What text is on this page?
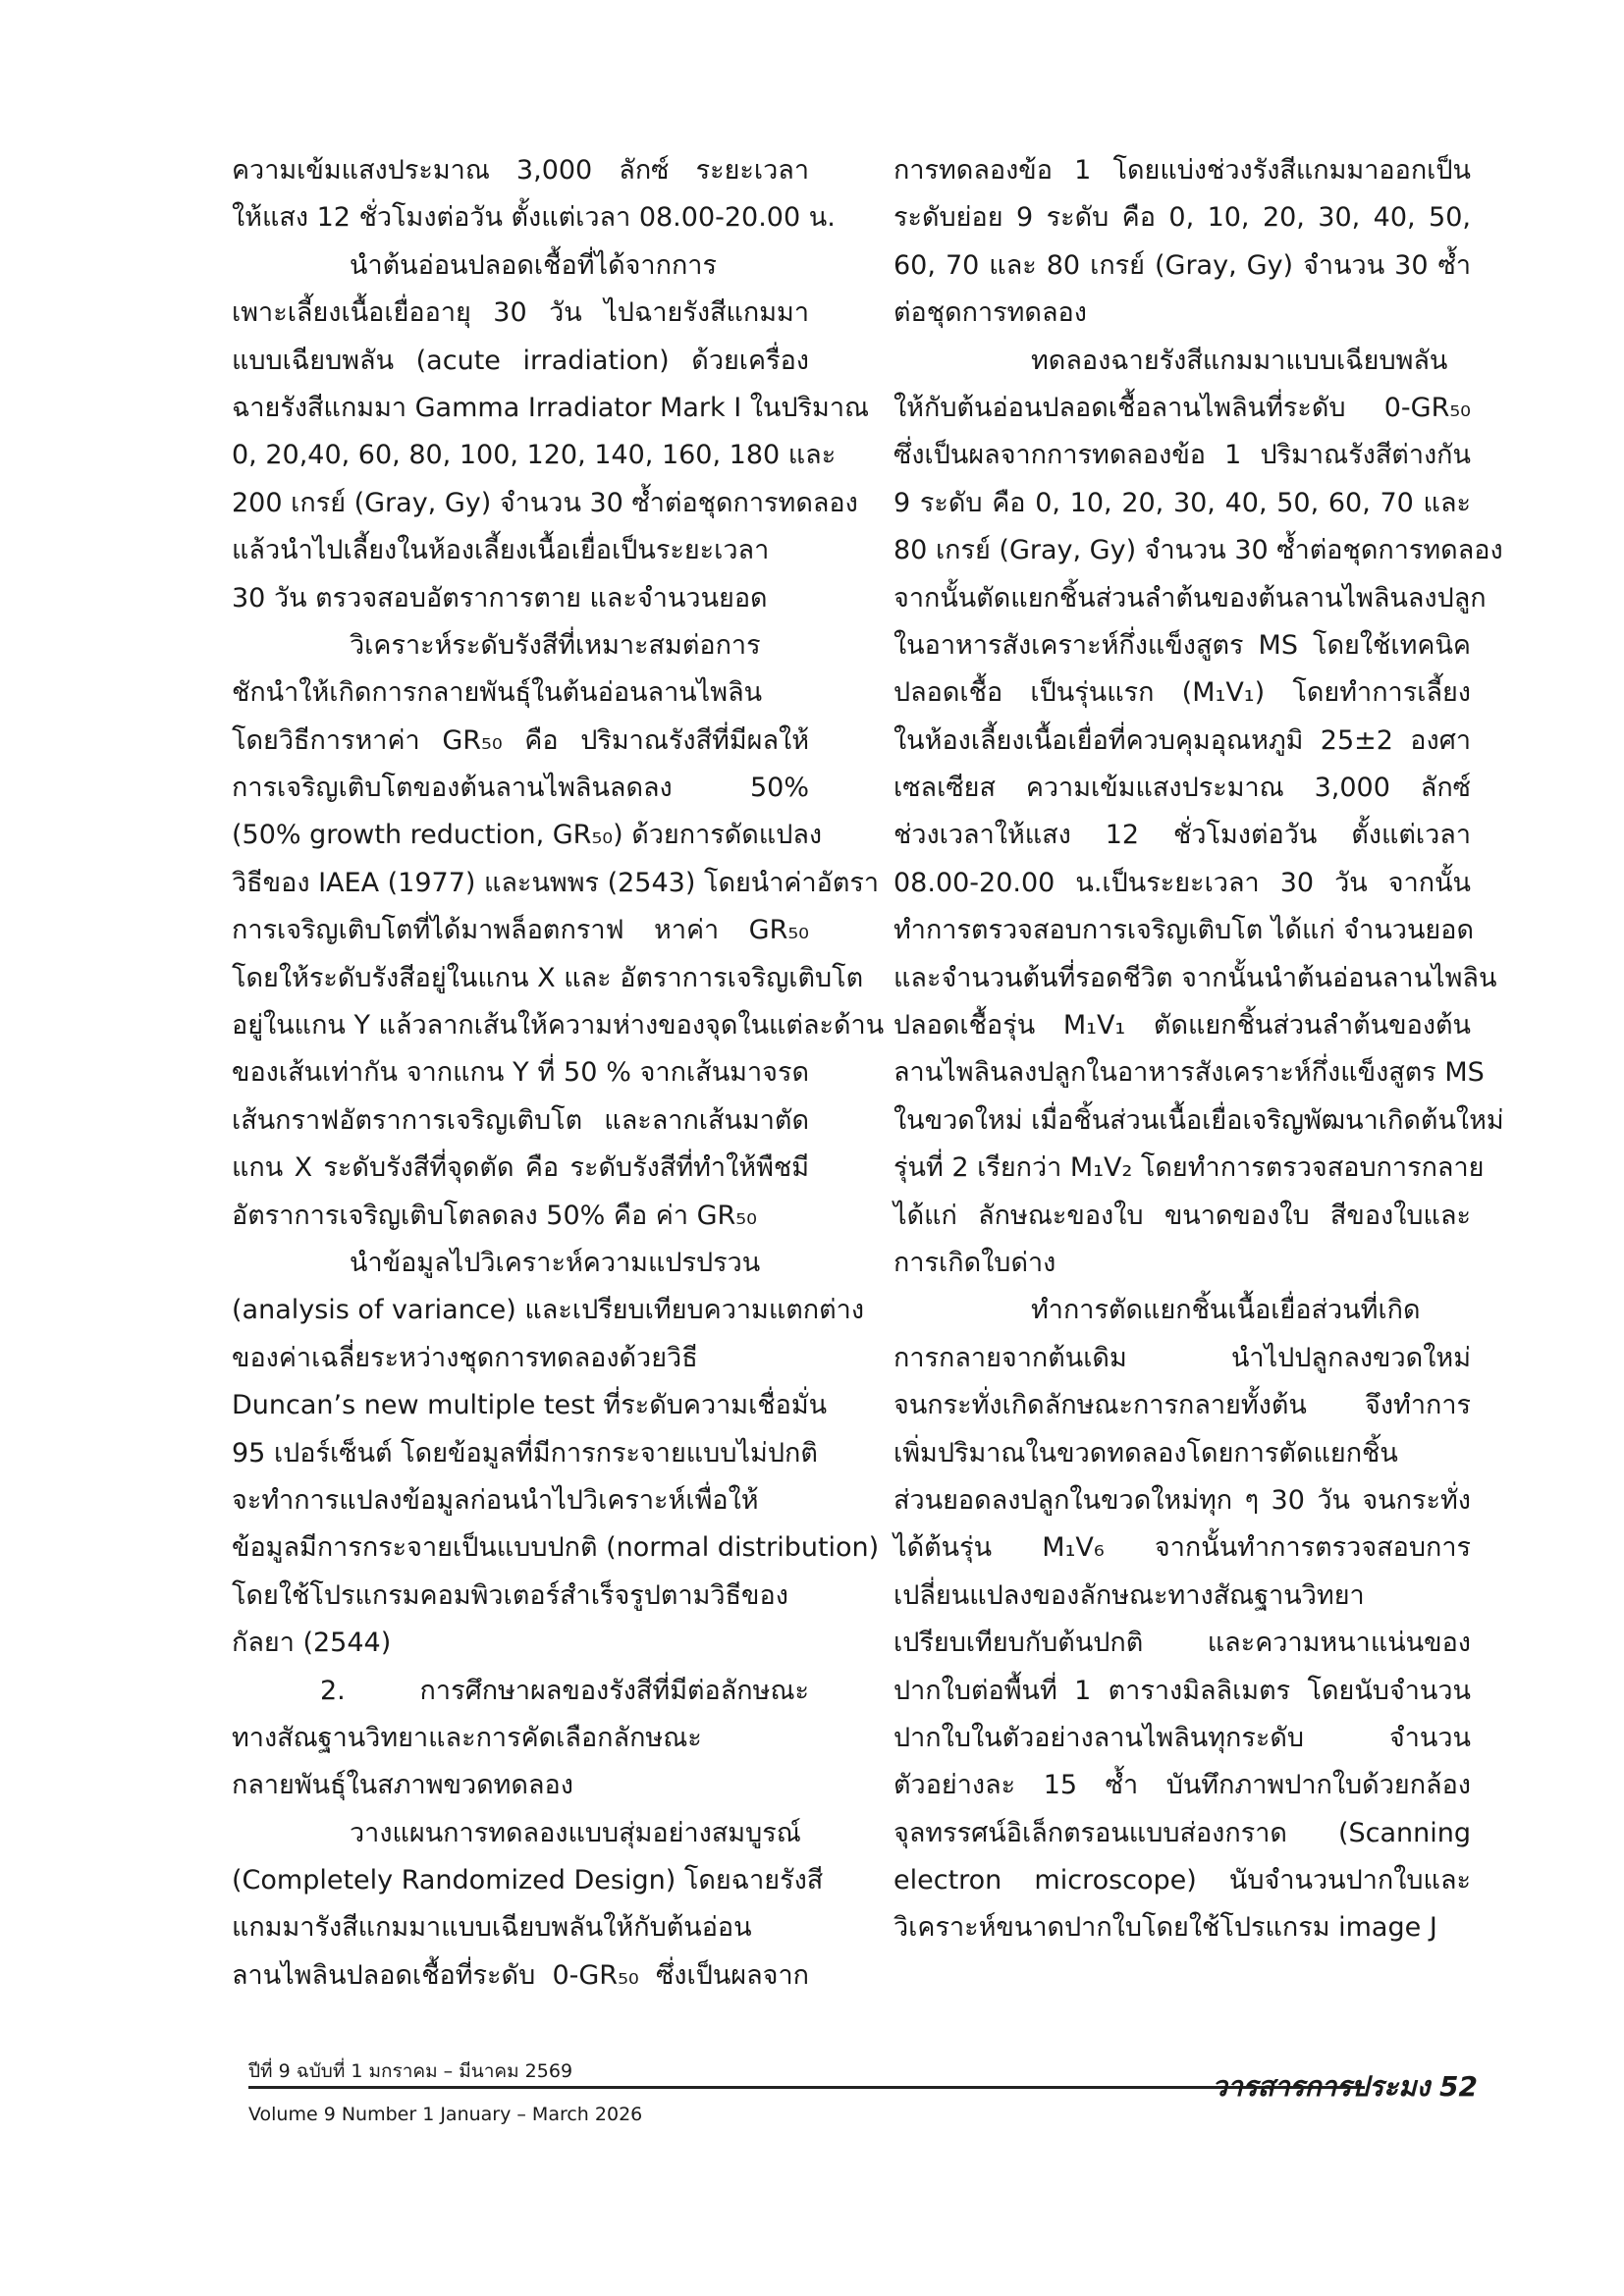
ความเข้มแสงประมาณ 3,000 ลักซ์ ระยะเวลา
ให้แสง 12 ชั่วโมงต่อวัน ตั้งแต่เวลา 08.00-20.00 น.
นำต้นอ่อนปลอดเชื้อที่ได้จากการ
เพาะเลี้ยงเนื้อเยื่ออายุ 30 วัน ไปฉายรังสีแกมมา
แบบเฉียบพลัน (acute irradiation) ด้วยเครื่อง
ฉายรังสีแกมมา Gamma Irradiator Mark I ในปริมาณ
0, 20,40, 60, 80, 100, 120, 140, 160, 180 และ
200 เกรย์ (Gray, Gy) จำนวน 30 ซ้ำต่อชุดการทดลอง
แล้วนำไปเลี้ยงในห้องเลี้ยงเนื้อเยื่อเป็นระยะเวลา
30 วัน ตรวจสอบอัตราการตาย และจำนวนยอด
วิเคราะห์ระดับรังสีที่เหมาะสมต่อการ
ชักนำให้เกิดการกลายพันธุ์ในต้นอ่อนลานไพลิน
โดยวิธีการหาค่า GR₅₀ คือ ปริมาณรังสีที่มีผลให้
การเจริญเติบโตของต้นลานไพลินลดลง 50%
(50% growth reduction, GR₅₀) ด้วยการดัดแปลง
วิธีของ IAEA (1977) และนพพร (2543) โดยนำค่าอัตรา
การเจริญเติบโตที่ได้มาพล็อตกราฟ หาค่า GR₅₀
โดยให้ระดับรังสีอยู่ในแกน X และ อัตราการเจริญเติบโต
อยู่ในแกน Y แล้วลากเส้นให้ความห่างของจุดในแต่ละด้าน
ของเส้นเท่ากัน จากแกน Y ที่ 50 % จากเส้นมาจรด
เส้นกราฟอัตราการเจริญเติบโต และลากเส้นมาตัด
แกน X ระดับรังสีที่จุดตัด คือ ระดับรังสีที่ทำให้พืชมี
อัตราการเจริญเติบโตลดลง 50% คือ ค่า GR₅₀
นำข้อมูลไปวิเคราะห์ความแปรปรวน
(analysis of variance) และเปรียบเทียบความแตกต่าง
ของค่าเฉลี่ยระหว่างชุดการทดลองด้วยวิธี
Duncan’s new multiple test ที่ระดับความเชื่อมั่น
95 เปอร์เซ็นต์ โดยข้อมูลที่มีการกระจายแบบไม่ปกติ
จะทำการแปลงข้อมูลก่อนนำไปวิเคราะห์เพื่อให้
ข้อมูลมีการกระจายเป็นแบบปกติ (normal distribution)
โดยใช้โปรแกรมคอมพิวเตอร์สำเร็จรูปตามวิธีของ
กัลยา (2544)
2. การศึกษาผลของรังสีที่มีต่อลักษณะ
ทางสัณฐานวิทยาและการคัดเลือกลักษณะ
กลายพันธุ์ในสภาพขวดทดลอง
วางแผนการทดลองแบบสุ่มอย่างสมบูรณ์
(Completely Randomized Design) โดยฉายรังสี
แกมมารังสีแกมมาแบบเฉียบพลันให้กับต้นอ่อน
ลานไพลินปลอดเชื้อที่ระดับ 0-GR₅₀ ซึ่งเป็นผลจาก
การทดลองข้อ 1 โดยแบ่งช่วงรังสีแกมมาออกเป็น
ระดับย่อย 9 ระดับ คือ 0, 10, 20, 30, 40, 50,
60, 70 และ 80 เกรย์ (Gray, Gy) จำนวน 30 ซ้ำ
ต่อชุดการทดลอง
ทดลองฉายรังสีแกมมาแบบเฉียบพลัน
ให้กับต้นอ่อนปลอดเชื้อลานไพลินที่ระดับ 0-GR₅₀
ซึ่งเป็นผลจากการทดลองข้อ 1 ปริมาณรังสีต่างกัน
9 ระดับ คือ 0, 10, 20, 30, 40, 50, 60, 70 และ
80 เกรย์ (Gray, Gy) จำนวน 30 ซ้ำต่อชุดการทดลอง
จากนั้นตัดแยกชิ้นส่วนลำต้นของต้นลานไพลินลงปลูก
ในอาหารสังเคราะห์กึ่งแข็งสูตร MS โดยใช้เทคนิค
ปลอดเชื้อ เป็นรุ่นแรก (M₁V₁) โดยทำการเลี้ยง
ในห้องเลี้ยงเนื้อเยื่อที่ควบคุมอุณหภูมิ 25±2 องศา
เซลเซียส ความเข้มแสงประมาณ 3,000 ลักซ์
ช่วงเวลาให้แสง 12 ชั่วโมงต่อวัน ตั้งแต่เวลา
08.00-20.00 น.เป็นระยะเวลา 30 วัน จากนั้น
ทำการตรวจสอบการเจริญเติบโต ได้แก่ จำนวนยอด
และจำนวนต้นที่รอดชีวิต จากนั้นนำต้นอ่อนลานไพลิน
ปลอดเชื้อรุ่น M₁V₁ ตัดแยกชิ้นส่วนลำต้นของต้น
ลานไพลินลงปลูกในอาหารสังเคราะห์กึ่งแข็งสูตร MS
ในขวดใหม่ เมื่อชิ้นส่วนเนื้อเยื่อเจริญพัฒนาเกิดต้นใหม่
รุ่นที่ 2 เรียกว่า M₁V₂ โดยทำการตรวจสอบการกลาย
ได้แก่ ลักษณะของใบ ขนาดของใบ สีของใบและ
การเกิดใบด่าง
ทำการตัดแยกชิ้นเนื้อเยื่อส่วนที่เกิด
การกลายจากต้นเดิม นำไปปลูกลงขวดใหม่
จนกระทั่งเกิดลักษณะการกลายทั้งต้น จึงทำการ
เพิ่มปริมาณในขวดทดลองโดยการตัดแยกชิ้น
ส่วนยอดลงปลูกในขวดใหม่ทุก ๆ 30 วัน จนกระทั่ง
ได้ต้นรุ่น M₁V₆ จากนั้นทำการตรวจสอบการ
เปลี่ยนแปลงของลักษณะทางสัณฐานวิทยา
เปรียบเทียบกับต้นปกติ และความหนาแน่นของ
ปากใบต่อพื้นที่ 1 ตารางมิลลิเมตร โดยนับจำนวน
ปากใบในตัวอย่างลานไพลินทุกระดับ จำนวน
ตัวอย่างละ 15 ซ้ำ บันทึกภาพปากใบด้วยกล้อง
จุลทรรศน์อิเล็กตรอนแบบส่องกราด (Scanning
electron microscope) นับจำนวนปากใบและ
วิเคราะห์ขนาดปากใบโดยใช้โปรแกรม image J
ปีที่ 9 ฉบับที่ 1 มกราคม – มีนาคม 2569	วารสารการประมง 52
Volume 9 Number 1 January – March 2026
